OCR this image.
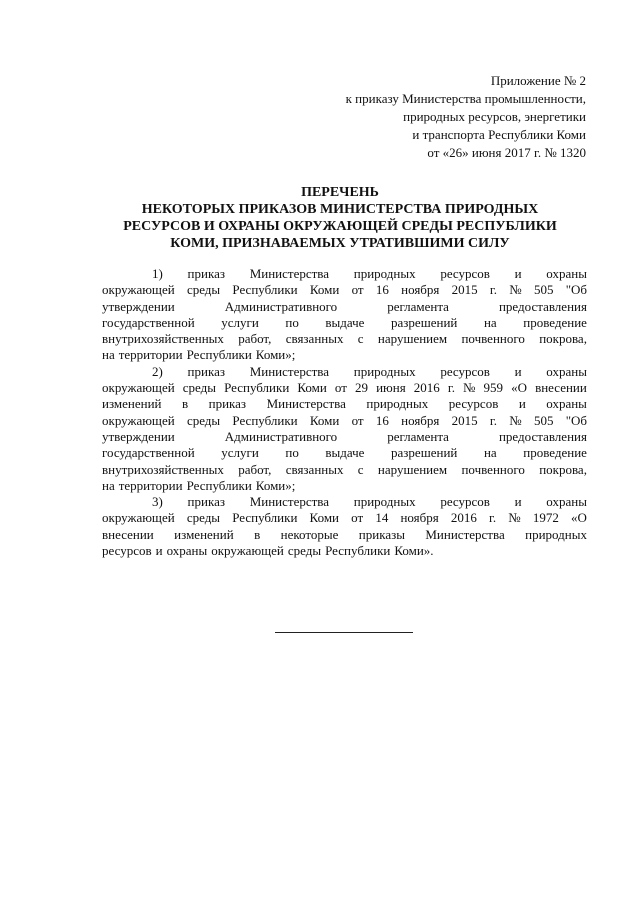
Приложение № 2
к приказу Министерства промышленности,
природных ресурсов, энергетики
и транспорта Республики Коми
от «26» июня 2017 г. № 1320
ПЕРЕЧЕНЬ
НЕКОТОРЫХ ПРИКАЗОВ МИНИСТЕРСТВА ПРИРОДНЫХ
РЕСУРСОВ И ОХРАНЫ ОКРУЖАЮЩЕЙ СРЕДЫ РЕСПУБЛИКИ
КОМИ, ПРИЗНАВАЕМЫХ УТРАТИВШИМИ СИЛУ
1) приказ Министерства природных ресурсов и охраны
окружающей среды Республики Коми от 16 ноября 2015 г. № 505 "Об
утверждении	Административного	регламента	предоставления
государственной услуги по выдаче разрешений на проведение
внутрихозяйственных работ, связанных с нарушением почвенного покрова,
на территории Республики Коми»;
2) приказ Министерства природных ресурсов и охраны
окружающей среды Республики Коми от 29 июня 2016 г. № 959 «О внесении
изменений в приказ Министерства природных ресурсов и охраны
окружающей среды Республики Коми от 16 ноября 2015 г. № 505 "Об
утверждении	Административного	регламента	предоставления
государственной услуги по выдаче разрешений на проведение
внутрихозяйственных работ, связанных с нарушением почвенного покрова,
на территории Республики Коми»;
3) приказ Министерства природных ресурсов и охраны
окружающей среды Республики Коми от 14 ноября 2016 г. № 1972 «О
внесении изменений в некоторые приказы Министерства природных
ресурсов и охраны окружающей среды Республики Коми».
